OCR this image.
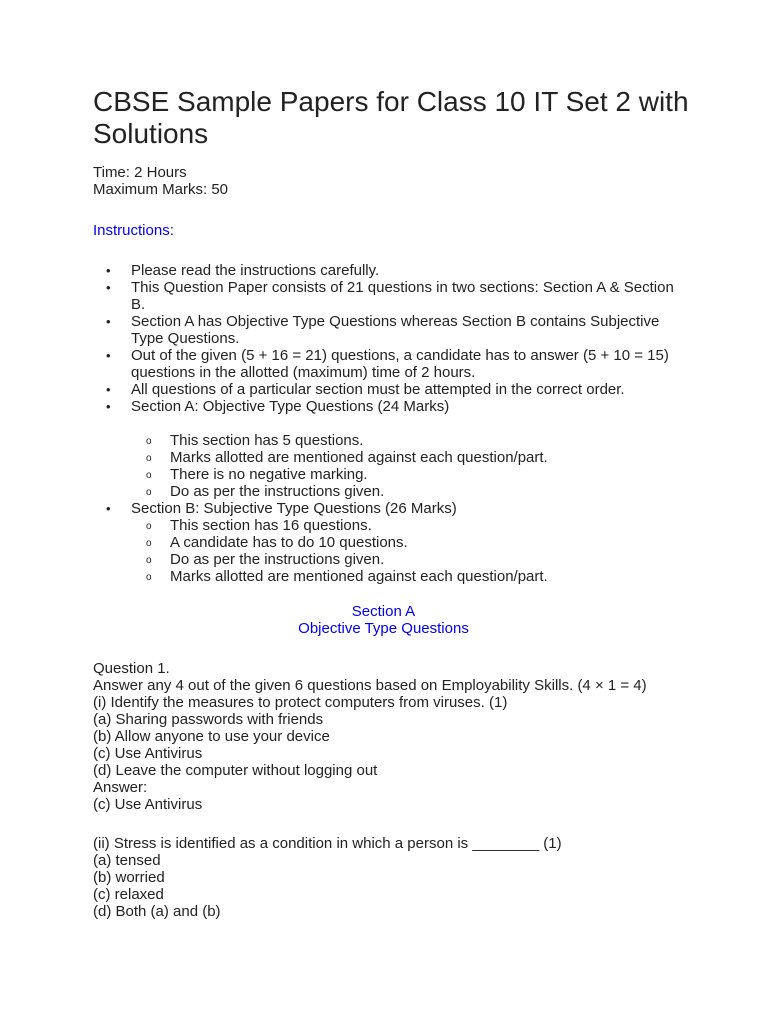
CBSE Sample Papers for Class 10 IT Set 2 with Solutions
Time: 2 Hours
Maximum Marks: 50
Instructions:
• Please read the instructions carefully.
• This Question Paper consists of 21 questions in two sections: Section A & Section B.
• Section A has Objective Type Questions whereas Section B contains Subjective Type Questions.
• Out of the given (5 + 16 = 21) questions, a candidate has to answer (5 + 10 = 15) questions in the allotted (maximum) time of 2 hours.
• All questions of a particular section must be attempted in the correct order.
• Section A: Objective Type Questions (24 Marks)
o This section has 5 questions.
o Marks allotted are mentioned against each question/part.
o There is no negative marking.
o Do as per the instructions given.
• Section B: Subjective Type Questions (26 Marks)
o This section has 16 questions.
o A candidate has to do 10 questions.
o Do as per the instructions given.
o Marks allotted are mentioned against each question/part.
Section A
Objective Type Questions
Question 1.
Answer any 4 out of the given 6 questions based on Employability Skills. (4 × 1 = 4)
(i) Identify the measures to protect computers from viruses. (1)
(a) Sharing passwords with friends
(b) Allow anyone to use your device
(c) Use Antivirus
(d) Leave the computer without logging out
Answer:
(c) Use Antivirus
(ii) Stress is identified as a condition in which a person is ________ (1)
(a) tensed
(b) worried
(c) relaxed
(d) Both (a) and (b)
